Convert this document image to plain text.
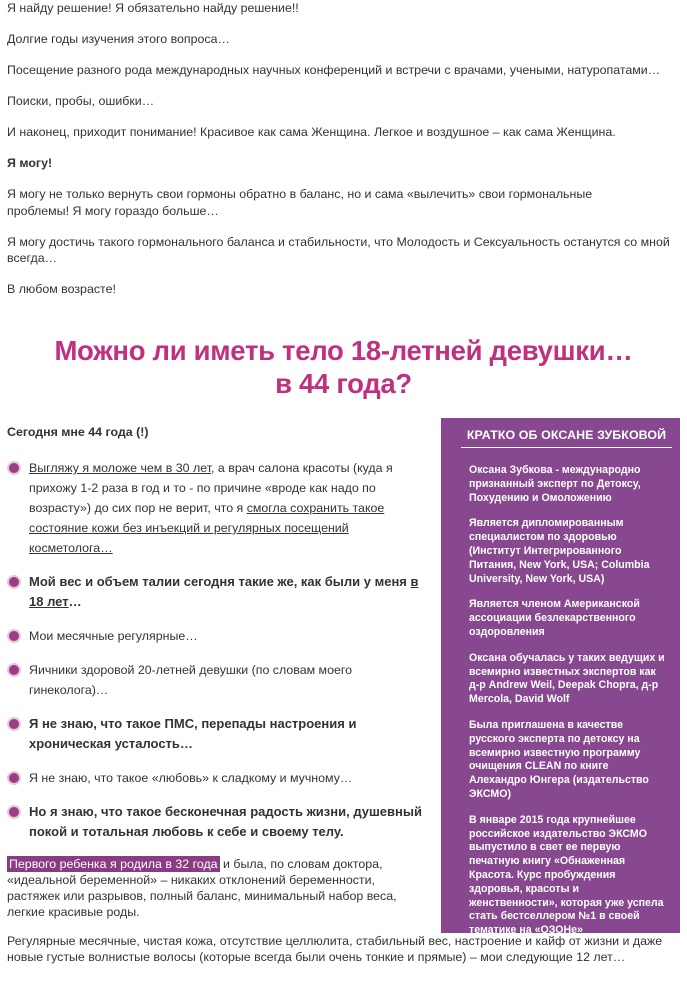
Я найду решение! Я обязательно найду решение!!

Долгие годы изучения этого вопроса…

Посещение разного рода международных научных конференций и встречи с врачами, учеными, натуропатами…

Поиски, пробы, ошибки…

И наконец, приходит понимание! Красивое как сама Женщина. Легкое и воздушное – как сама Женщина.

Я могу!

Я могу не только вернуть свои гормоны обратно в баланс, но и сама «вылечить» свои гормональные проблемы! Я могу гораздо больше…

Я могу достичь такого гормонального баланса и стабильности, что Молодость и Сексуальность останутся со мной всегда…

В любом возрасте!

Можно ли иметь тело 18-летней девушки…
в 44 года?
Сегодня мне 44 года (!)
Выгляжу я моложе чем в 30 лет, а врач салона красоты (куда я прихожу 1-2 раза в год и то - по причине «вроде как надо по возрасту») до сих пор не верит, что я смогла сохранить такое состояние кожи без инъекций и регулярных посещений косметолога…
Мой вес и объем талии сегодня такие же, как были у меня в 18 лет…
Мои месячные регулярные…
Яичники здоровой 20-летней девушки (по словам моего гинеколога)…
Я не знаю, что такое ПМС, перепады настроения и хроническая усталость…
Я не знаю, что такое «любовь» к сладкому и мучному…
Но я знаю, что такое бесконечная радость жизни, душевный покой и тотальная любовь к себе и своему телу.
Первого ребенка я родила в 32 года и была, по словам доктора, «идеальной беременной» – никаких отклонений беременности, растяжек или разрывов, полный баланс, минимальный набор веса, легкие красивые роды.
Регулярные месячные, чистая кожа, отсутствие целлюлита, стабильный вес, настроение и кайф от жизни и даже новые густые волнистые волосы (которые всегда были очень тонкие и прямые) – мои следующие 12 лет…
КРАТКО ОБ ОКСАНЕ ЗУБКОВОЙ

Оксана Зубкова - международно признанный эксперт по Детоксу, Похудению и Омоложению

Является дипломированным специалистом по здоровью (Институт Интегрированного Питания, New York, USA; Columbia University, New York, USA)

Является членом Американской ассоциации безлекарственного оздоровления

Оксана обучалась у таких ведущих и всемирно известных экспертов как д-р Andrew Weil, Deepak Chopra, д-р Mercola, David Wolf

Была приглашена в качестве русского эксперта по детоксу на всемирно известную программу очищения CLEAN по книге Алехандро Юнгера (издательство ЭКСМО)

В январе 2015 года крупнейшее российское издательство ЭКСМО выпустило в свет ее первую печатную книгу «Обнаженная Красота. Курс пробуждения здоровья, красоты и женственности», которая уже успела стать бестселлером №1 в своей тематике на «ОЗОНе»
